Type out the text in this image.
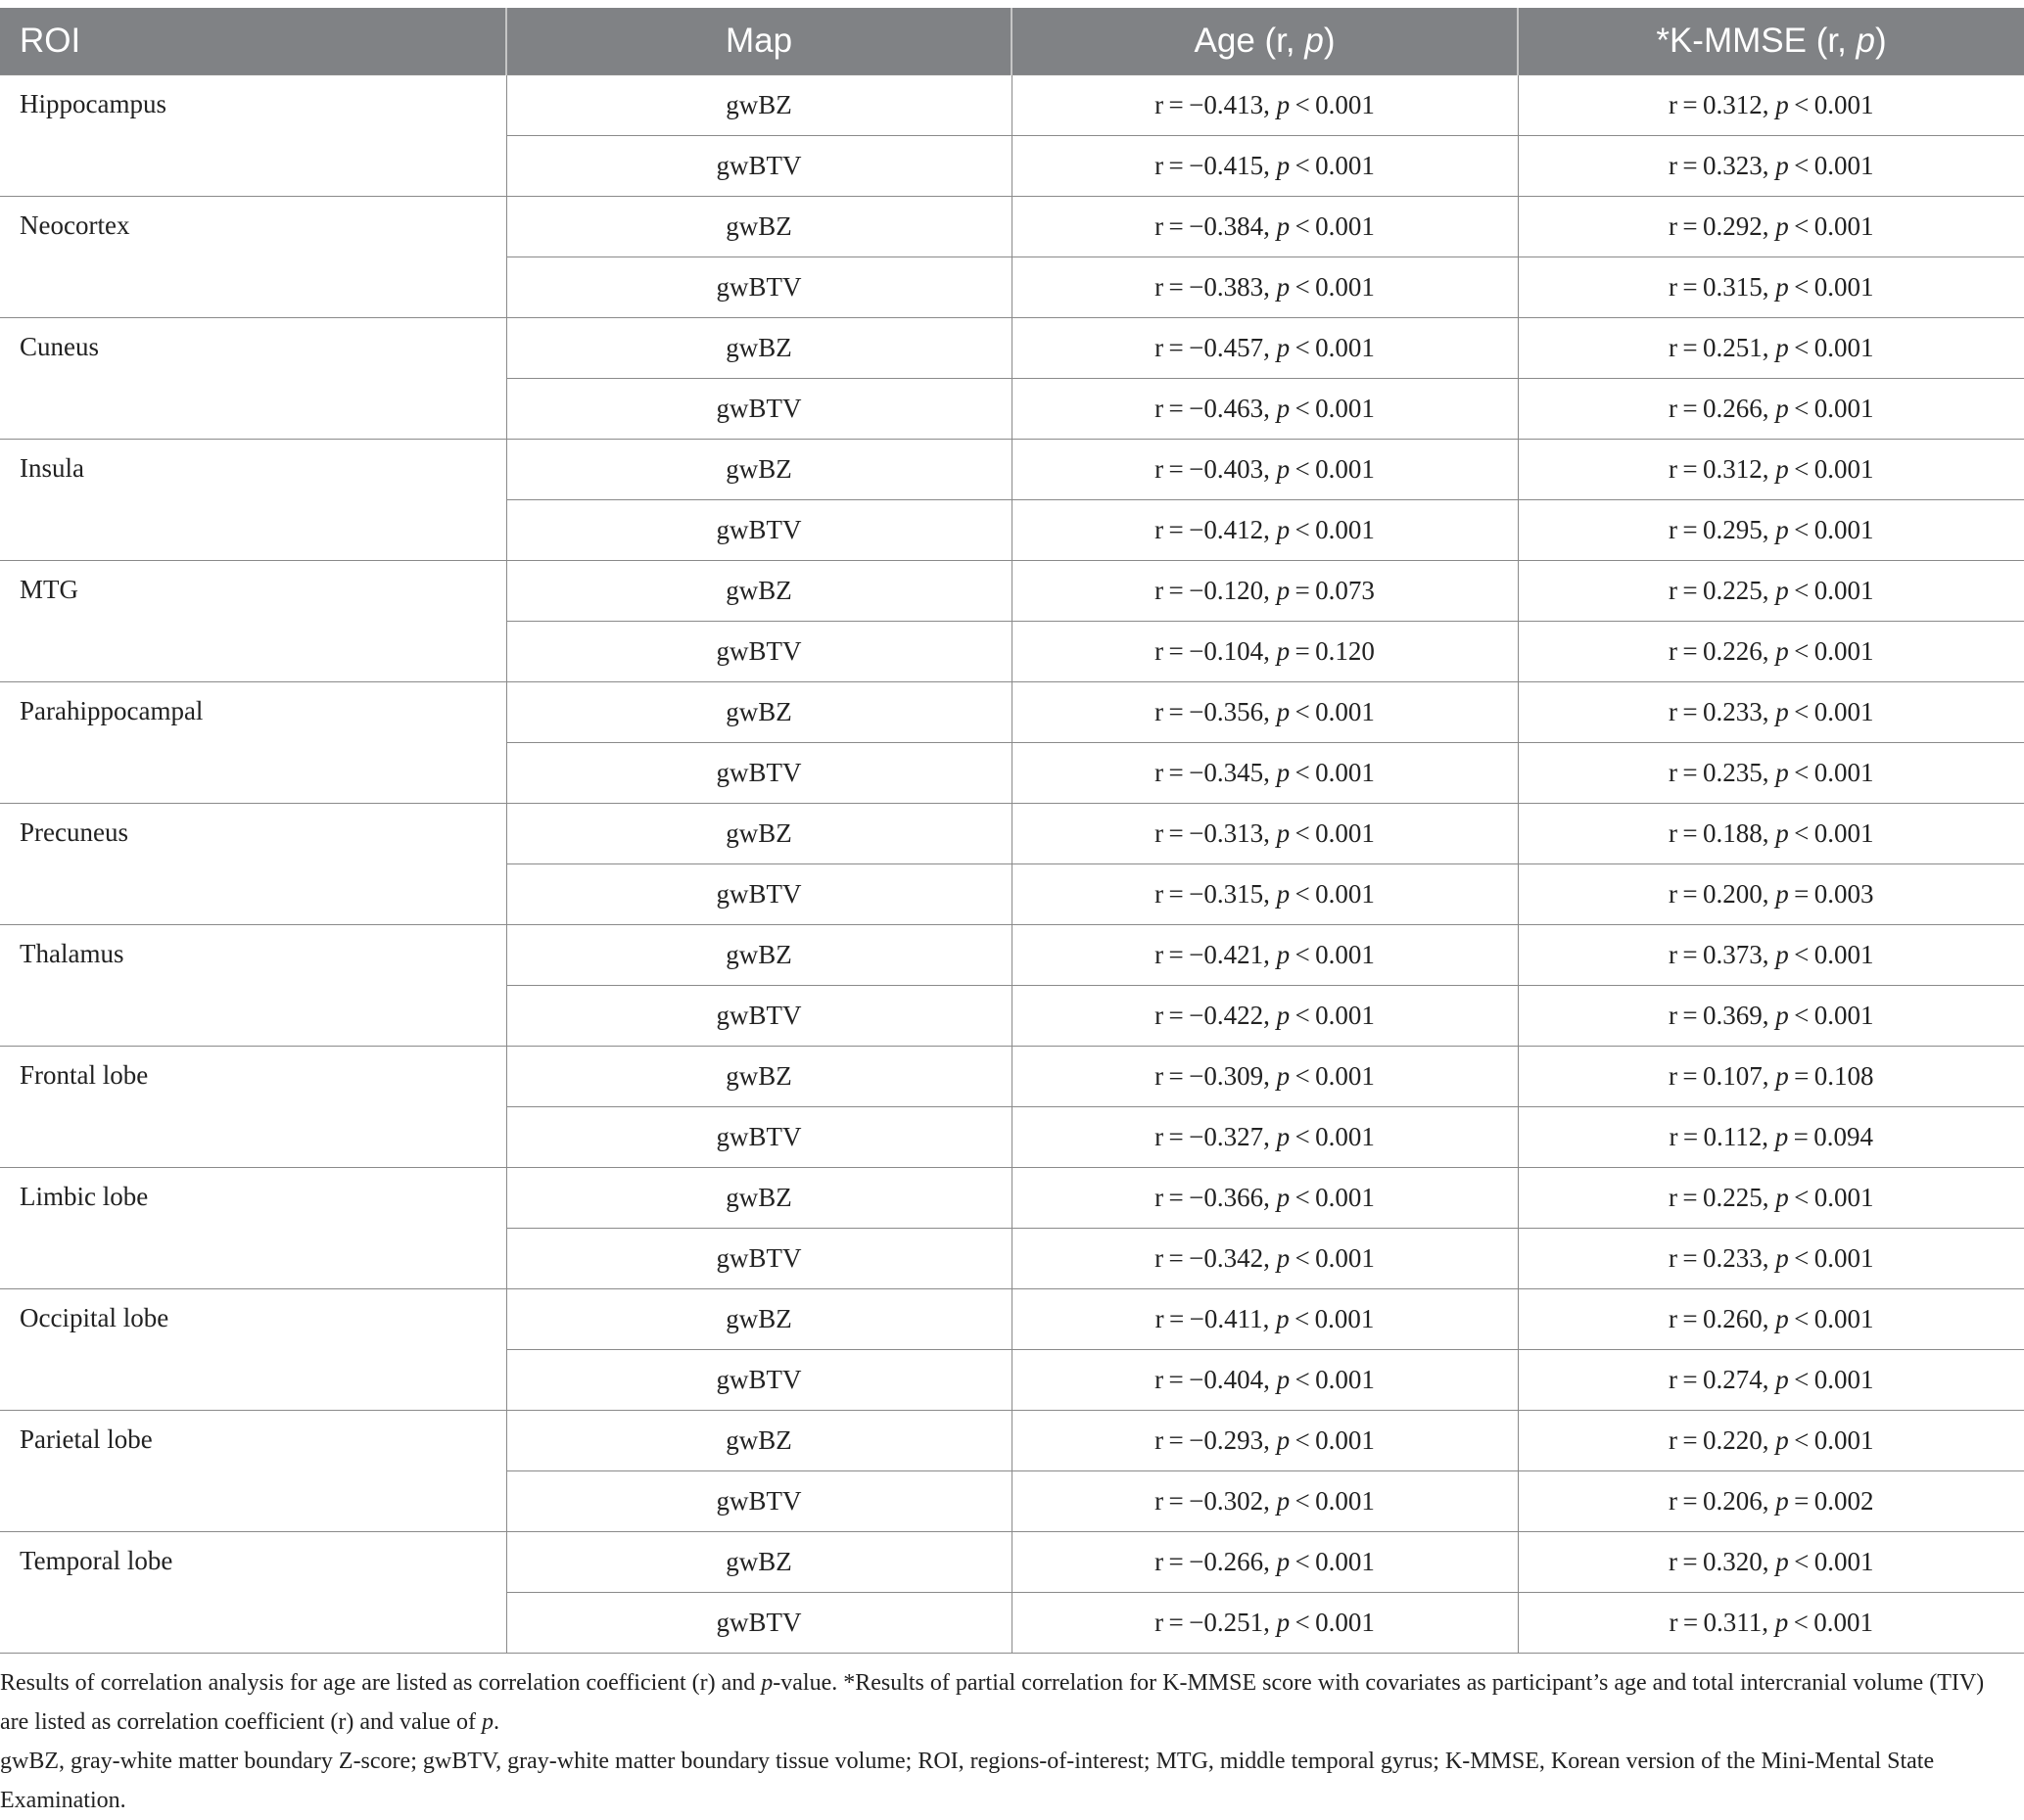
ROI	Map	Age (r, p)	*K-MMSE (r, p)
Hippocampus	gwBZ	r = −0.413, p  < 0.001	r = 0.312, p  < 0.001
	gwBTV	r = −0.415, p  < 0.001	r = 0.323, p  < 0.001
Neocortex	gwBZ	r = −0.384, p  < 0.001	r = 0.292, p  < 0.001
	gwBTV	r = −0.383, p  < 0.001	r = 0.315, p  < 0.001
Cuneus	gwBZ	r = −0.457, p  < 0.001	r = 0.251, p  < 0.001
	gwBTV	r = −0.463, p  < 0.001	r = 0.266, p  < 0.001
Insula	gwBZ	r = −0.403, p  < 0.001	r = 0.312, p  < 0.001
	gwBTV	r = −0.412, p  < 0.001	r = 0.295, p  < 0.001
MTG	gwBZ	r = −0.120, p  = 0.073	r = 0.225, p  < 0.001
	gwBTV	r = −0.104, p  = 0.120	r = 0.226, p  < 0.001
Parahippocampal	gwBZ	r = −0.356, p  < 0.001	r = 0.233, p  < 0.001
	gwBTV	r = −0.345, p  < 0.001	r = 0.235, p  < 0.001
Precuneus	gwBZ	r = −0.313, p  < 0.001	r = 0.188, p  < 0.001
	gwBTV	r = −0.315, p  < 0.001	r = 0.200, p  = 0.003
Thalamus	gwBZ	r = −0.421, p  < 0.001	r = 0.373, p  < 0.001
	gwBTV	r = −0.422, p  < 0.001	r = 0.369, p  < 0.001
Frontal lobe	gwBZ	r = −0.309, p  < 0.001	r = 0.107, p  = 0.108
	gwBTV	r = −0.327, p  < 0.001	r = 0.112, p  = 0.094
Limbic lobe	gwBZ	r = −0.366, p  < 0.001	r = 0.225, p  < 0.001
	gwBTV	r = −0.342, p  < 0.001	r = 0.233, p  < 0.001
Occipital lobe	gwBZ	r = −0.411, p  < 0.001	r = 0.260, p  < 0.001
	gwBTV	r = −0.404, p  < 0.001	r = 0.274, p  < 0.001
Parietal lobe	gwBZ	r = −0.293, p  < 0.001	r = 0.220, p  < 0.001
	gwBTV	r = −0.302, p  < 0.001	r = 0.206, p  = 0.002
Temporal lobe	gwBZ	r = −0.266, p  < 0.001	r = 0.320, p  < 0.001
	gwBTV	r = −0.251, p  < 0.001	r = 0.311, p  < 0.001

Results of correlation analysis for age are listed as correlation coefficient (r) and p-value. *Results of partial correlation for K-MMSE score with covariates as participant’s age and total intercranial volume (TIV) are listed as correlation coefficient (r) and value of p.

gwBZ, gray-white matter boundary Z-score; gwBTV, gray-white matter boundary tissue volume; ROI, regions-of-interest; MTG, middle temporal gyrus; K-MMSE, Korean version of the Mini-Mental State Examination.
